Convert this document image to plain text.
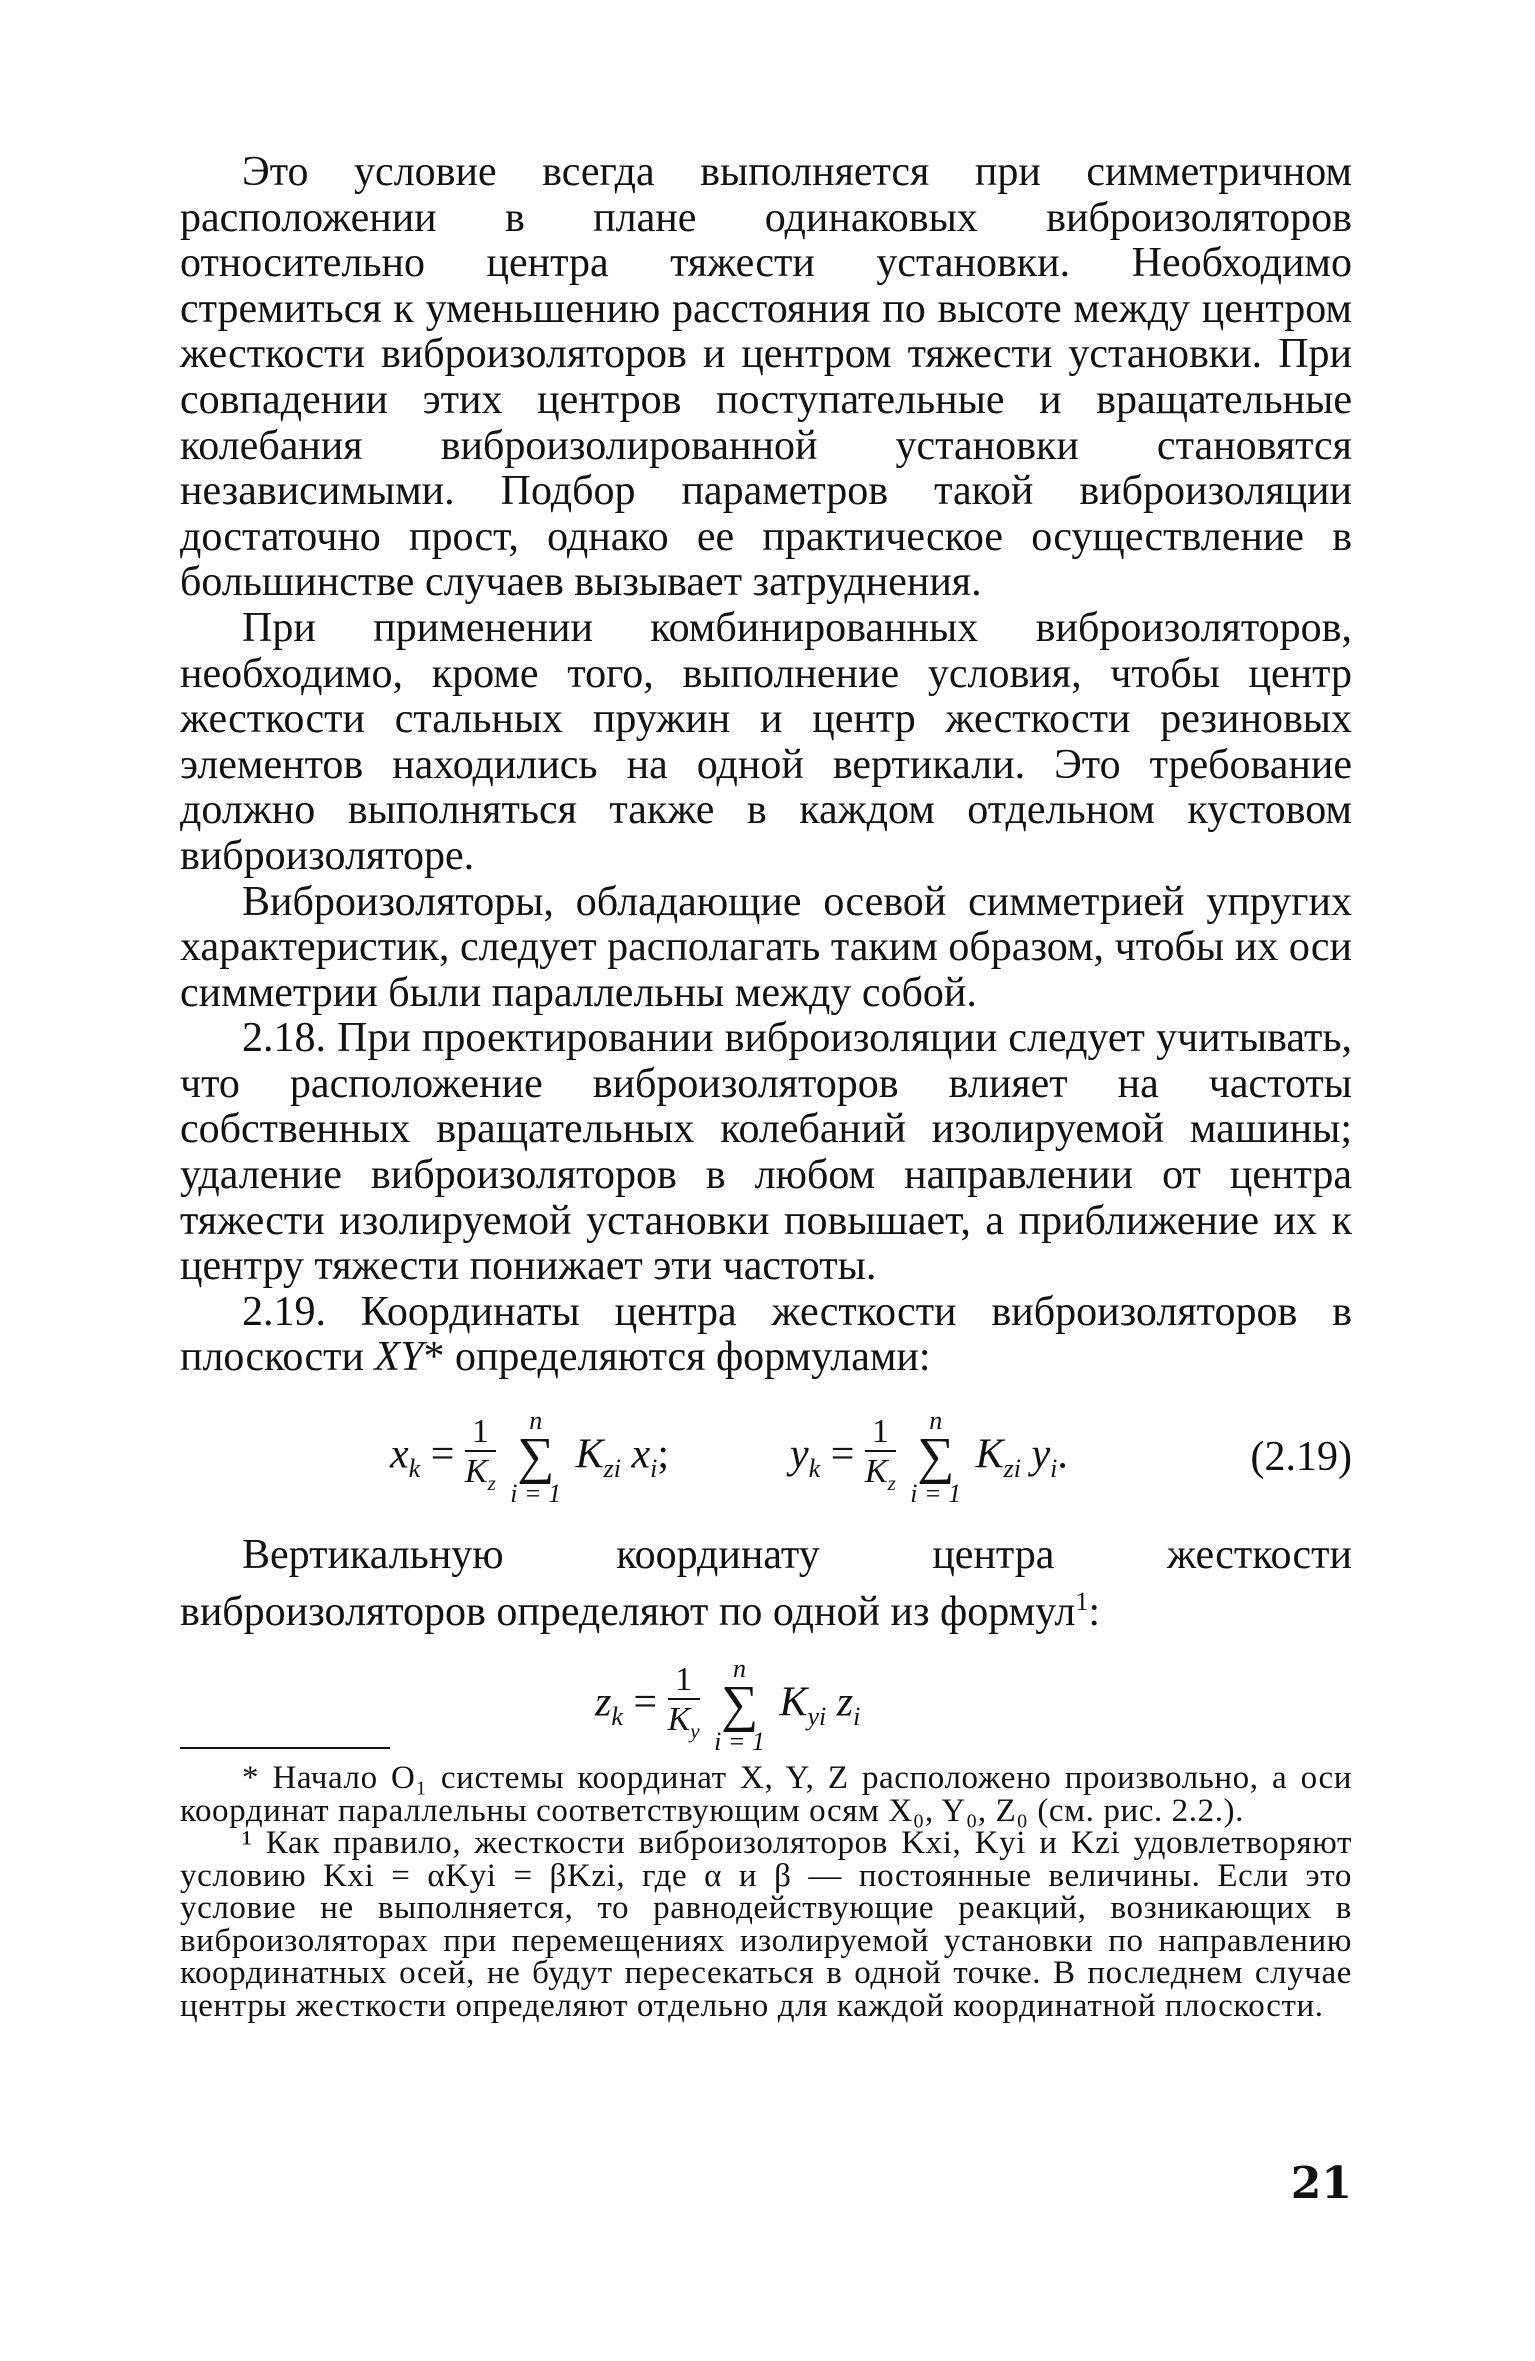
Это условие всегда выполняется при симметричном расположении в плане одинаковых виброизоляторов относительно центра тяжести установки. Необходимо стремиться к уменьшению расстояния по высоте между центром жесткости виброизоляторов и центром тяжести установки. При совпадении этих центров поступательные и вращательные колебания виброизолированной установки становятся независимыми. Подбор параметров такой виброизоляции достаточно прост, однако ее практическое осуществление в большинстве случаев вызывает затруднения.

При применении комбинированных виброизоляторов, необходимо, кроме того, выполнение условия, чтобы центр жесткости стальных пружин и центр жесткости резиновых элементов находились на одной вертикали. Это требование должно выполняться также в каждом отдельном кустовом виброизоляторе.

Виброизоляторы, обладающие осевой симметрией упругих характеристик, следует располагать таким образом, чтобы их оси симметрии были параллельны между собой.

2.18. При проектировании виброизоляции следует учитывать, что расположение виброизоляторов влияет на частоты собственных вращательных колебаний изолируемой машины; удаление виброизоляторов в любом направлении от центра тяжести изолируемой установки повышает, а приближение их к центру тяжести понижает эти частоты.

2.19. Координаты центра жесткости виброизоляторов в плоскости XY* определяются формулами:

$x_k = \frac{1}{K_z}$
	n
∑
i = 1
$K_{zi}$ $x_i$;	$y_k = \frac{1}{K_z}$
	n
∑
i = 1
$K_{zi}$ $y_i$.	(2.19)

Вертикальную координату центра жесткости виброизоляторов определяют по одной из формул$^1$:

$z_k = \frac{1}{K_y}$
	n
∑
i = 1
$K_{yi}$ $z_i$

* Начало O₁ системы координат X, Y, Z расположено произвольно, а оси координат параллельны соответствующим осям X₀, Y₀, Z₀ (см. рис. 2.2.).

¹ Как правило, жесткости виброизоляторов Kxi, Kyi и Kzi удовлетворяют условию Kxi = αKyi = βKzi, где α и β — постоянные величины. Если это условие не выполняется, то равнодействующие реакций, возникающих в виброизоляторах при перемещениях изолируемой установки по направлению координатных осей, не будут пересекаться в одной точке. В последнем случае центры жесткости определяют отдельно для каждой координатной плоскости.

21
